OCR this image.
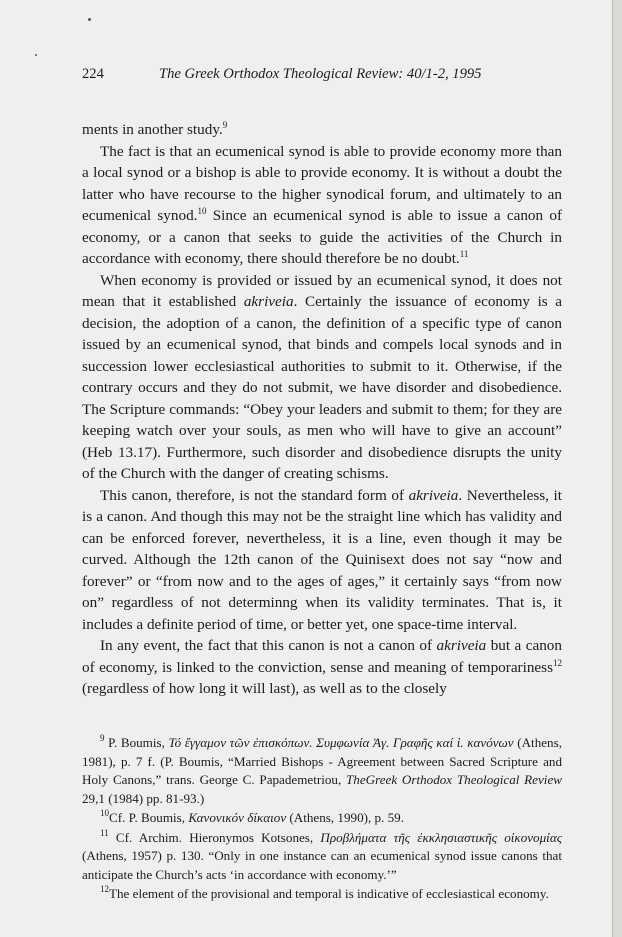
224	The Greek Orthodox Theological Review: 40/1-2, 1995

ments in another study.$^9$

The fact is that an ecumenical synod is able to provide economy more than a local synod or a bishop is able to provide economy. It is without a doubt the latter who have recourse to the higher synodical forum, and ultimately to an ecumenical synod.$^{10}$ Since an ecumenical synod is able to issue a canon of economy, or a canon that seeks to guide the activities of the Church in accordance with economy, there should therefore be no doubt.$^{11}$

When economy is provided or issued by an ecumenical synod, it does not mean that it established akriveia. Certainly the issuance of economy is a decision, the adoption of a canon, the definition of a specific type of canon issued by an ecumenical synod, that binds and compels local synods and in succession lower ecclesiastical authorities to submit to it. Otherwise, if the contrary occurs and they do not submit, we have disorder and disobedience. The Scripture commands: “Obey your leaders and submit to them; for they are keeping watch over your souls, as men who will have to give an account” (Heb 13.17). Furthermore, such disorder and disobedience disrupts the unity of the Church with the danger of creating schisms.

This canon, therefore, is not the standard form of akriveia. Nevertheless, it is a canon. And though this may not be the straight line which has validity and can be enforced forever, nevertheless, it is a line, even though it may be curved. Although the 12th canon of the Quinisext does not say “now and forever” or “from now and to the ages of ages,” it certainly says “from now on” regardless of not determinng when its validity terminates. That is, it includes a definite period of time, or better yet, one space-time interval.

In any event, the fact that this canon is not a canon of akriveia but a canon of economy, is linked to the conviction, sense and meaning of temporariness$^{12}$ (regardless of how long it will last), as well as to the closely

$^9$ P. Boumis, Τό ἔγγαμον τῶν ἐπισκόπων. Συμφωνία Ἁγ. Γραφῆς καί ἱ. κανόνων (Athens, 1981), p. 7 f. (P. Boumis, “Married Bishops - Agreement between Sacred Scripture and Holy Canons,” trans. George C. Papademetriou, TheGreek Orthodox Theological Review 29,1 (1984) pp. 81-93.)

$^{10}$Cf. P. Boumis, Κανονικόν δίκαιον (Athens, 1990), p. 59.

$^{11}$ Cf. Archim. Hieronymos Kotsones, Προβλήματα τῆς ἐκκλησιαστικῆς οἰκονομίας (Athens, 1957) p. 130. “Only in one instance can an ecumenical synod issue canons that anticipate the Church’s acts ‘in accordance with economy.’”

$^{12}$The element of the provisional and temporal is indicative of ecclesiastical economy.
